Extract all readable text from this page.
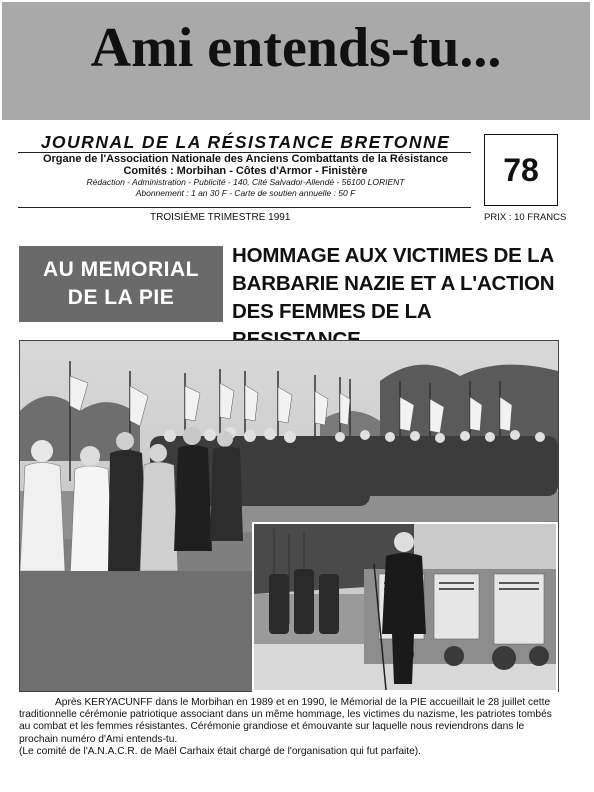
Ami entends-tu...

JOURNAL DE LA RÉSISTANCE BRETONNE

Organe de l'Association Nationale des Anciens Combattants de la Résistance
Comités : Morbihan - Côtes d'Armor - Finistère
Rédaction - Administration - Publicité - 140, Cité Salvador-Allendé - 56100 LORIENT
Abonnement : 1 an 30 F - Carte de soutien annuelle : 50 F
78
TROISIÈME TRIMESTRE 1991	PRIX : 10 FRANCS
AU MEMORIAL
DE LA PIE
HOMMAGE AUX VICTIMES DE LA
BARBARIE NAZIE ET A L'ACTION
DES FEMMES DE LA

Après KERYACUNFF dans le Morbihan en 1989 et en 1990, le Mémorial de la PIE accueillait le 28 juillet cette traditionnelle cérémonie patriotique associant dans un même hommage, les victimes du nazisme, les patriotes tombés au combat et les femmes résistantes. Cérémonie grandiose et émouvante sur laquelle nous reviendrons dans le prochain numéro d'Ami entends-tu.

(Le comité de l'A.N.A.C.R. de Maël Carhaix était chargé de l'organisation qui fut parfaite).
